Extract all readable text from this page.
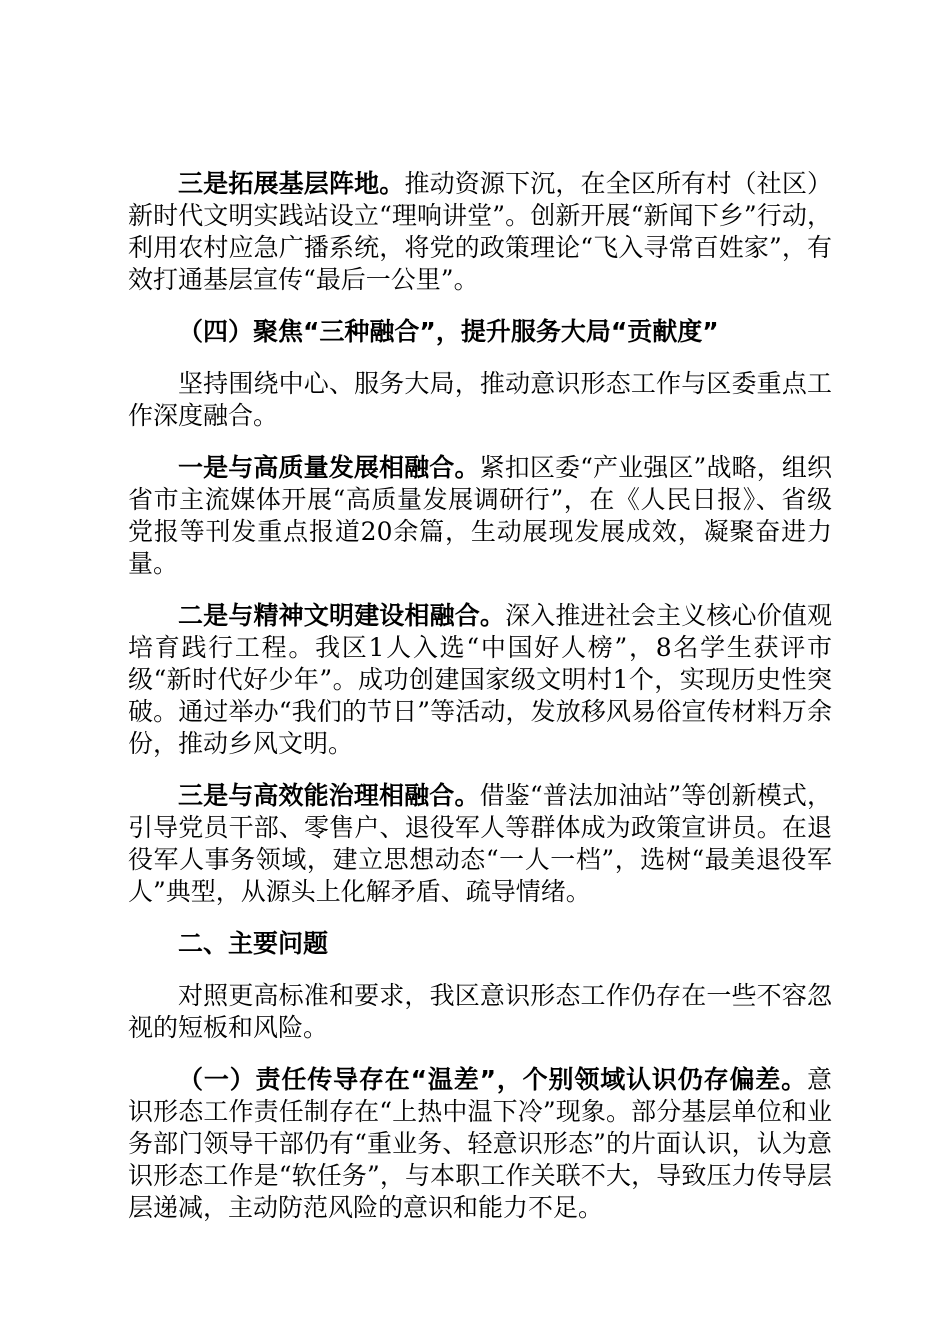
三是拓展基层阵地。推动资源下沉，在全区所有村（社区）新时代文明实践站设立“理响讲堂”。创新开展“新闻下乡”行动，利用农村应急广播系统，将党的政策理论“飞入寻常百姓家”，有效打通基层宣传“最后一公里”。

（四）聚焦“三种融合”，提升服务大局“贡献度”

坚持围绕中心、服务大局，推动意识形态工作与区委重点工作深度融合。

一是与高质量发展相融合。紧扣区委“产业强区”战略，组织省市主流媒体开展“高质量发展调研行”，在《人民日报》、省级党报等刊发重点报道20余篇，生动展现发展成效，凝聚奋进力量。

二是与精神文明建设相融合。深入推进社会主义核心价值观培育践行工程。我区1人入选“中国好人榜”，8名学生获评市级“新时代好少年”。成功创建国家级文明村1个，实现历史性突破。通过举办“我们的节日”等活动，发放移风易俗宣传材料万余份，推动乡风文明。

三是与高效能治理相融合。借鉴“普法加油站”等创新模式，引导党员干部、零售户、退役军人等群体成为政策宣讲员。在退役军人事务领域，建立思想动态“一人一档”，选树“最美退役军人”典型，从源头上化解矛盾、疏导情绪。

二、主要问题

对照更高标准和要求，我区意识形态工作仍存在一些不容忽视的短板和风险。

（一）责任传导存在“温差”，个别领域认识仍存偏差。意识形态工作责任制存在“上热中温下冷”现象。部分基层单位和业务部门领导干部仍有“重业务、轻意识形态”的片面认识，认为意识形态工作是“软任务”，与本职工作关联不大，导致压力传导层层递减，主动防范风险的意识和能力不足。
